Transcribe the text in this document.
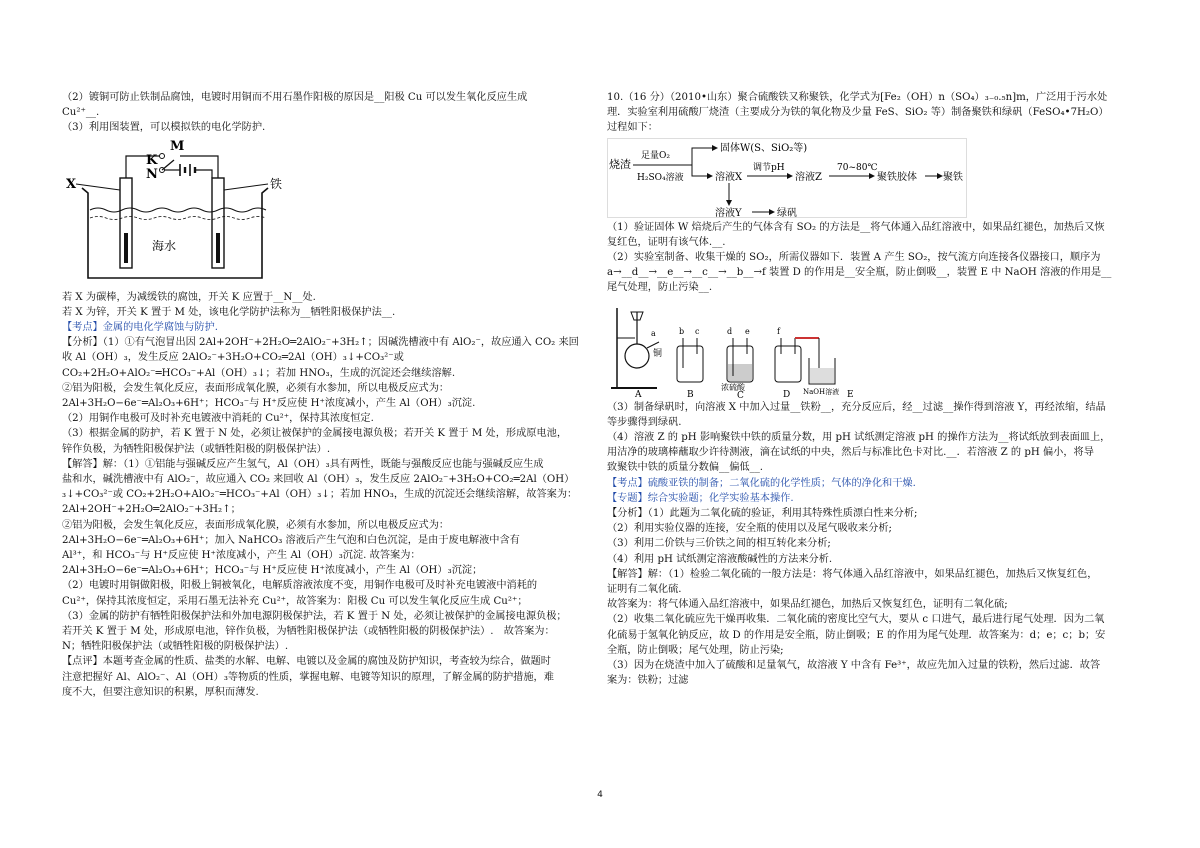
（2）镀铜可防止铁制品腐蚀，电镀时用铜而不用石墨作阳极的原因是__阳极 Cu 可以发生氧化反应生成
Cu²⁺__.
（3）利用图装置，可以模拟铁的电化学防护.
M
K
N
X	铁
海水
若 X 为碳棒，为减缓铁的腐蚀，开关 K 应置于__N__处.
若 X 为锌，开关 K 置于 M 处，该电化学防护法称为__牺牲阳极保护法__.
【考点】金属的电化学腐蚀与防护.
【分析】（1）①有气泡冒出因 2Al+2OH⁻+2H₂O═2AlO₂⁻+3H₂↑；因碱洗槽液中有 AlO₂⁻，故应通入 CO₂ 来回
收 Al（OH）₃，发生反应 2AlO₂⁻+3H₂O+CO₂═2Al（OH）₃↓+CO₃²⁻或
CO₂+2H₂O+AlO₂⁻═HCO₃⁻+Al（OH）₃↓；若加 HNO₃，生成的沉淀还会继续溶解.
②铝为阳极，会发生氧化反应，表面形成氧化膜，必须有水参加，所以电极反应式为：
2Al+3H₂O−6e⁻═Al₂O₃+6H⁺；HCO₃⁻与 H⁺反应使 H⁺浓度减小，产生 Al（OH）₃沉淀.
（2）用铜作电极可及时补充电镀液中消耗的 Cu²⁺，保持其浓度恒定.
（3）根据金属的防护，若 K 置于 N 处，必须让被保护的金属接电源负极；若开关 K 置于 M 处，形成原电池，
锌作负极，为牺牲阳极保护法（或牺牲阳极的阴极保护法）.
【解答】解：（1）①铝能与强碱反应产生氢气，Al（OH）₃具有两性，既能与强酸反应也能与强碱反应生成
盐和水，碱洗槽液中有 AlO₂⁻，故应通入 CO₂ 来回收 Al（OH）₃，发生反应 2AlO₂⁻+3H₂O+CO₂═2Al（OH）
₃↓+CO₃²⁻或 CO₂+2H₂O+AlO₂⁻═HCO₃⁻+Al（OH）₃↓；若加 HNO₃，生成的沉淀还会继续溶解，故答案为：
2Al+2OH⁻+2H₂O═2AlO₂⁻+3H₂↑；
②铝为阳极，会发生氧化反应，表面形成氧化膜，必须有水参加，所以电极反应式为：
2Al+3H₂O−6e⁻═Al₂O₃+6H⁺；加入 NaHCO₃ 溶液后产生气泡和白色沉淀，是由于废电解液中含有
Al³⁺，和 HCO₃⁻与 H⁺反应使 H⁺浓度减小，产生 Al（OH）₃沉淀. 故答案为：
2Al+3H₂O−6e⁻═Al₂O₃+6H⁺；HCO₃⁻与 H⁺反应使 H⁺浓度减小，产生 Al（OH）₃沉淀；
（2）电镀时用铜做阳极，阳极上铜被氧化，电解质溶液浓度不变，用铜作电极可及时补充电镀液中消耗的
Cu²⁺，保持其浓度恒定，采用石墨无法补充 Cu²⁺，故答案为：阳极 Cu 可以发生氧化反应生成 Cu²⁺；
（3）金属的防护有牺牲阳极保护法和外加电源阴极保护法，若 K 置于 N 处，必须让被保护的金属接电源负极；
若开关 K 置于 M 处，形成原电池，锌作负极，为牺牲阳极保护法（或牺牲阳极的阴极保护法）.　故答案为：
N；牺牲阳极保护法（或牺牲阳极的阴极保护法）.
【点评】本题考查金属的性质、盐类的水解、电解、电镀以及金属的腐蚀及防护知识，考查较为综合，做题时
注意把握好 Al、AlO₂⁻、Al（OH）₃等物质的性质，掌握电解、电镀等知识的原理，了解金属的防护措施，难
度不大，但要注意知识的积累，厚积而薄发.
10.（16 分）（2010•山东）聚合硫酸铁又称聚铁，化学式为[Fe₂（OH）n（SO₄）₃₋₀.₅n]m，广泛用于污水处
理．实验室利用硫酸厂烧渣（主要成分为铁的氧化物及少量 FeS、SiO₂ 等）制备聚铁和绿矾（FeSO₄•7H₂O）
过程如下：
烧渣
足量O₂
H₂SO₄溶液
固体W(S、SiO₂等)
溶液X
调节pH
溶液Z
70~80℃
聚铁胶体	聚铁
溶液Y	绿矾
（1）验证固体 W 焙烧后产生的气体含有 SO₂ 的方法是__将气体通入品红溶液中，如果品红褪色，加热后又恢
复红色，证明有该气体.__.
（2）实验室制备、收集干燥的 SO₂，所需仪器如下．装置 A 产生 SO₂，按气流方向连接各仪器接口，顺序为
a→__d__→__e__→__c__→__b__→f 装置 D 的作用是__安全瓶，防止倒吸__，装置 E 中 NaOH 溶液的作用是__
尾气处理，防止污染__.
a
铜
A
b c
B
d e
浓硫酸
C
f
D NaOH溶液 E
（3）制备绿矾时，向溶液 X 中加入过量__铁粉__，充分反应后，经__过滤__操作得到溶液 Y，再经浓缩，结晶
等步骤得到绿矾.
（4）溶液 Z 的 pH 影响聚铁中铁的质量分数，用 pH 试纸测定溶液 pH 的操作方法为__将试纸放到表面皿上，
用洁净的玻璃棒蘸取少许待测液，滴在试纸的中央，然后与标准比色卡对比.__．若溶液 Z 的 pH 偏小，将导
致聚铁中铁的质量分数偏__偏低__.
【考点】硫酸亚铁的制备；二氧化硫的化学性质；气体的净化和干燥.
【专题】综合实验题；化学实验基本操作.
【分析】（1）此题为二氧化硫的验证，利用其特殊性质漂白性来分析;
（2）利用实验仪器的连接，安全瓶的使用以及尾气吸收来分析;
（3）利用二价铁与三价铁之间的相互转化来分析;
（4）利用 pH 试纸测定溶液酸碱性的方法来分析.
【解答】解：（1）检验二氧化硫的一般方法是：将气体通入品红溶液中，如果品红褪色，加热后又恢复红色，
证明有二氧化硫.
故答案为：将气体通入品红溶液中，如果品红褪色，加热后又恢复红色，证明有二氧化硫;
（2）收集二氧化硫应先干燥再收集．二氧化硫的密度比空气大，要从 c 口进气，最后进行尾气处理．因为二氧
化硫易于氢氧化钠反应，故 D 的作用是安全瓶，防止倒吸；E 的作用为尾气处理．故答案为：d；e；c；b；安
全瓶，防止倒吸；尾气处理，防止污染;
（3）因为在烧渣中加入了硫酸和足量氧气，故溶液 Y 中含有 Fe³⁺，故应先加入过量的铁粉，然后过滤．故答
案为：铁粉；过滤
4
